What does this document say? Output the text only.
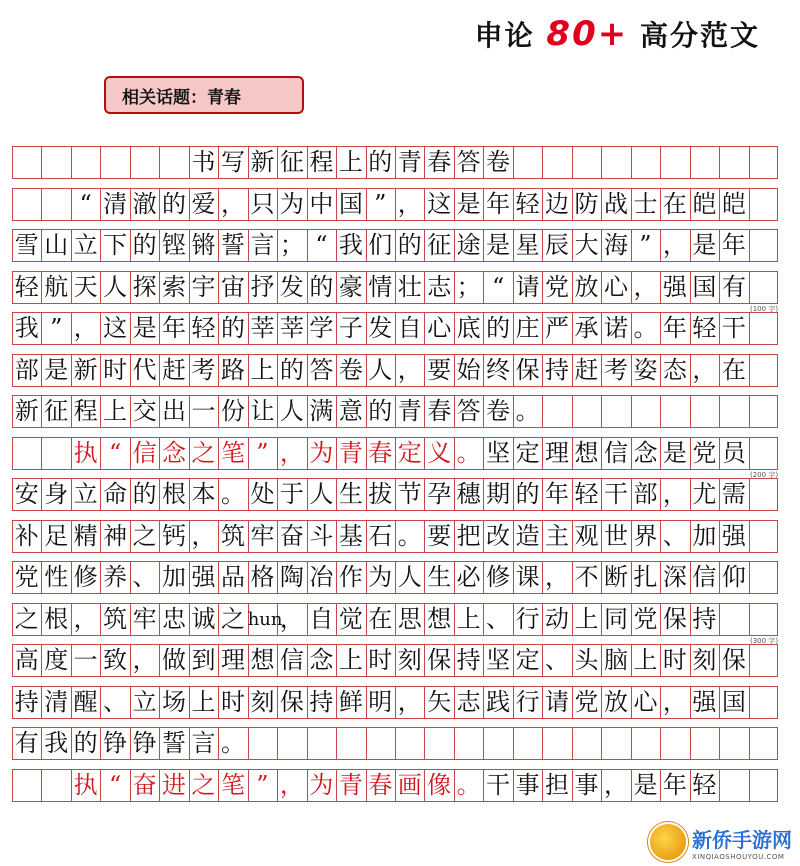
申论 80+ 高分范文
相关话题：青春
书 写 新 征 程 上 的 青 春 答 卷
“ 清 澈 的 爱 ， 只 为 中 国 ” ， 这 是 年 轻 边 防 战 士 在 皑 皑
雪 山 立 下 的 铿 锵 誓 言 ； “ 我 们 的 征 途 是 星 辰 大 海 ” ， 是 年
轻 航 天 人 探 索 宇 宙 抒 发 的 豪 情 壮 志 ； “ 请 党 放 心 ， 强 国 有
(100 字)
我 ” ， 这 是 年 轻 的 莘 莘 学 子 发 自 心 底 的 庄 严 承 诺 。 年 轻 干
部 是 新 时 代 赶 考 路 上 的 答 卷 人 ， 要 始 终 保 持 赶 考 姿 态 ， 在
新 征 程 上 交 出 一 份 让 人 满 意 的 青 春 答 卷 。
执 “ 信 念 之 笔 ” ， 为 青 春 定 义 。 坚 定 理 想 信 念 是 党 员
(200 字)
安 身 立 命 的 根 本 。 处 于 人 生 拔 节 孕 穗 期 的 年 轻 干 部 ， 尤 需
补 足 精 神 之 钙 ， 筑 牢 奋 斗 基 石 。 要 把 改 造 主 观 世 界 、 加 强
党 性 修 养 、 加 强 品 格 陶 冶 作 为 人 生 必 修 课 ， 不 断 扎 深 信 仰
之 根 ， 筑 牢 忠 诚 之 hun
， 自 觉 在 思 想 上 、 行 动 上 同 党 保 持
(300 字)
高 度 一 致 ， 做 到 理 想 信 念 上 时 刻 保 持 坚 定 、 头 脑 上 时 刻 保
持 清 醒 、 立 场 上 时 刻 保 持 鲜 明 ， 矢 志 践 行 请 党 放 心 ， 强 国
有 我 的 铮 铮 誓 言 。
执 “ 奋 进 之 笔 ” ， 为 青 春 画 像 。 干 事 担 事 ， 是 年 轻
新侨手游网
XINQIAOSHOUYOU.COM
